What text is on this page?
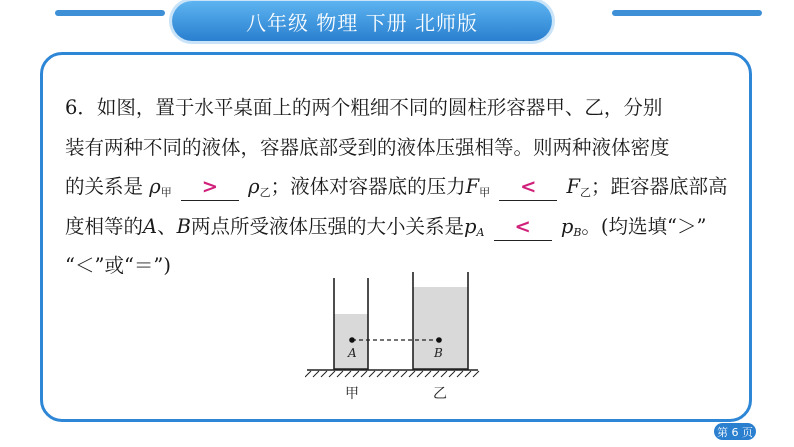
八年级 物理 下册 北师版
6．如图，置于水平桌面上的两个粗细不同的圆柱形容器甲、乙，分别
装有两种不同的液体，容器底部受到的液体压强相等。则两种液体密度
的关系是 $\rho_甲 > \rho_乙$；液体对容器底的压力$F_甲 < F_乙$；距容器底部高
度相等的A、B两点所受液体压强的大小关系是$p_A < p_B$。(均选填“＞”
“＜”或“＝”)
A	B
甲	乙
第 6 页
